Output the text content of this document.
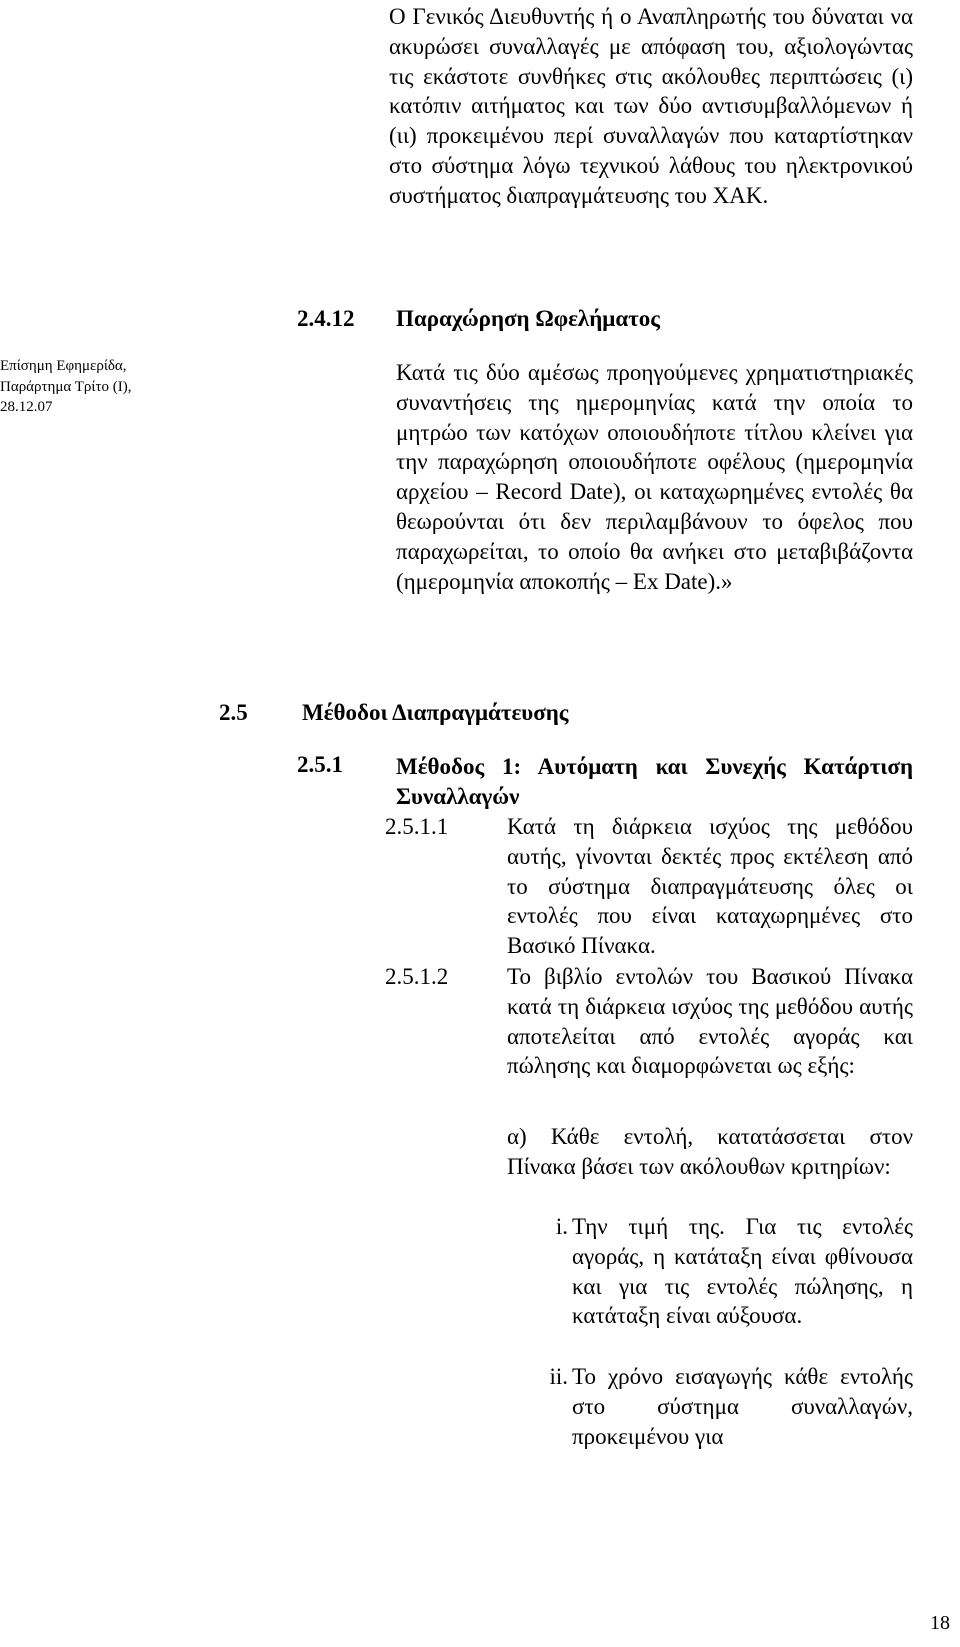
Ο Γενικός Διευθυντής ή ο Αναπληρωτής του δύναται να ακυρώσει συναλλαγές με απόφαση του, αξιολογώντας τις εκάστοτε συνθήκες στις ακόλουθες περιπτώσεις (ι) κατόπιν αιτήματος και των δύο αντισυμβαλλόμενων ή (ιι) προκειμένου περί συναλλαγών που καταρτίστηκαν στο σύστημα λόγω τεχνικού λάθους του ηλεκτρονικού συστήματος διαπραγμάτευσης του ΧΑΚ.
2.4.12 Παραχώρηση Ωφελήματος
Επίσημη Εφημερίδα, Παράρτημα Τρίτο (Ι), 28.12.07
Κατά τις δύο αμέσως προηγούμενες χρηματιστηριακές συναντήσεις της ημερομηνίας κατά την οποία το μητρώο των κατόχων οποιουδήποτε τίτλου κλείνει για την παραχώρηση οποιουδήποτε οφέλους (ημερομηνία αρχείου – Record Date), οι καταχωρημένες εντολές θα θεωρούνται ότι δεν περιλαμβάνουν το όφελος που παραχωρείται, το οποίο θα ανήκει στο μεταβιβάζοντα (ημερομηνία αποκοπής – Ex Date).»
2.5 Μέθοδοι Διαπραγμάτευσης
2.5.1 Μέθοδος 1: Αυτόματη και Συνεχής Κατάρτιση Συναλλαγών
2.5.1.1	Κατά τη διάρκεια ισχύος της μεθόδου αυτής, γίνονται δεκτές προς εκτέλεση από το σύστημα διαπραγμάτευσης όλες οι εντολές που είναι καταχωρημένες στο Βασικό Πίνακα.
2.5.1.2	Το βιβλίο εντολών του Βασικού Πίνακα κατά τη διάρκεια ισχύος της μεθόδου αυτής αποτελείται από εντολές αγοράς και πώλησης και διαμορφώνεται ως εξής:
α) Κάθε εντολή, κατατάσσεται στον Πίνακα βάσει των ακόλουθων κριτηρίων:
i. Την τιμή της. Για τις εντολές αγοράς, η κατάταξη είναι φθίνουσα και για τις εντολές πώλησης, η κατάταξη είναι αύξουσα.
ii. Το χρόνο εισαγωγής κάθε εντολής στο σύστημα συναλλαγών, προκειμένου για
18
